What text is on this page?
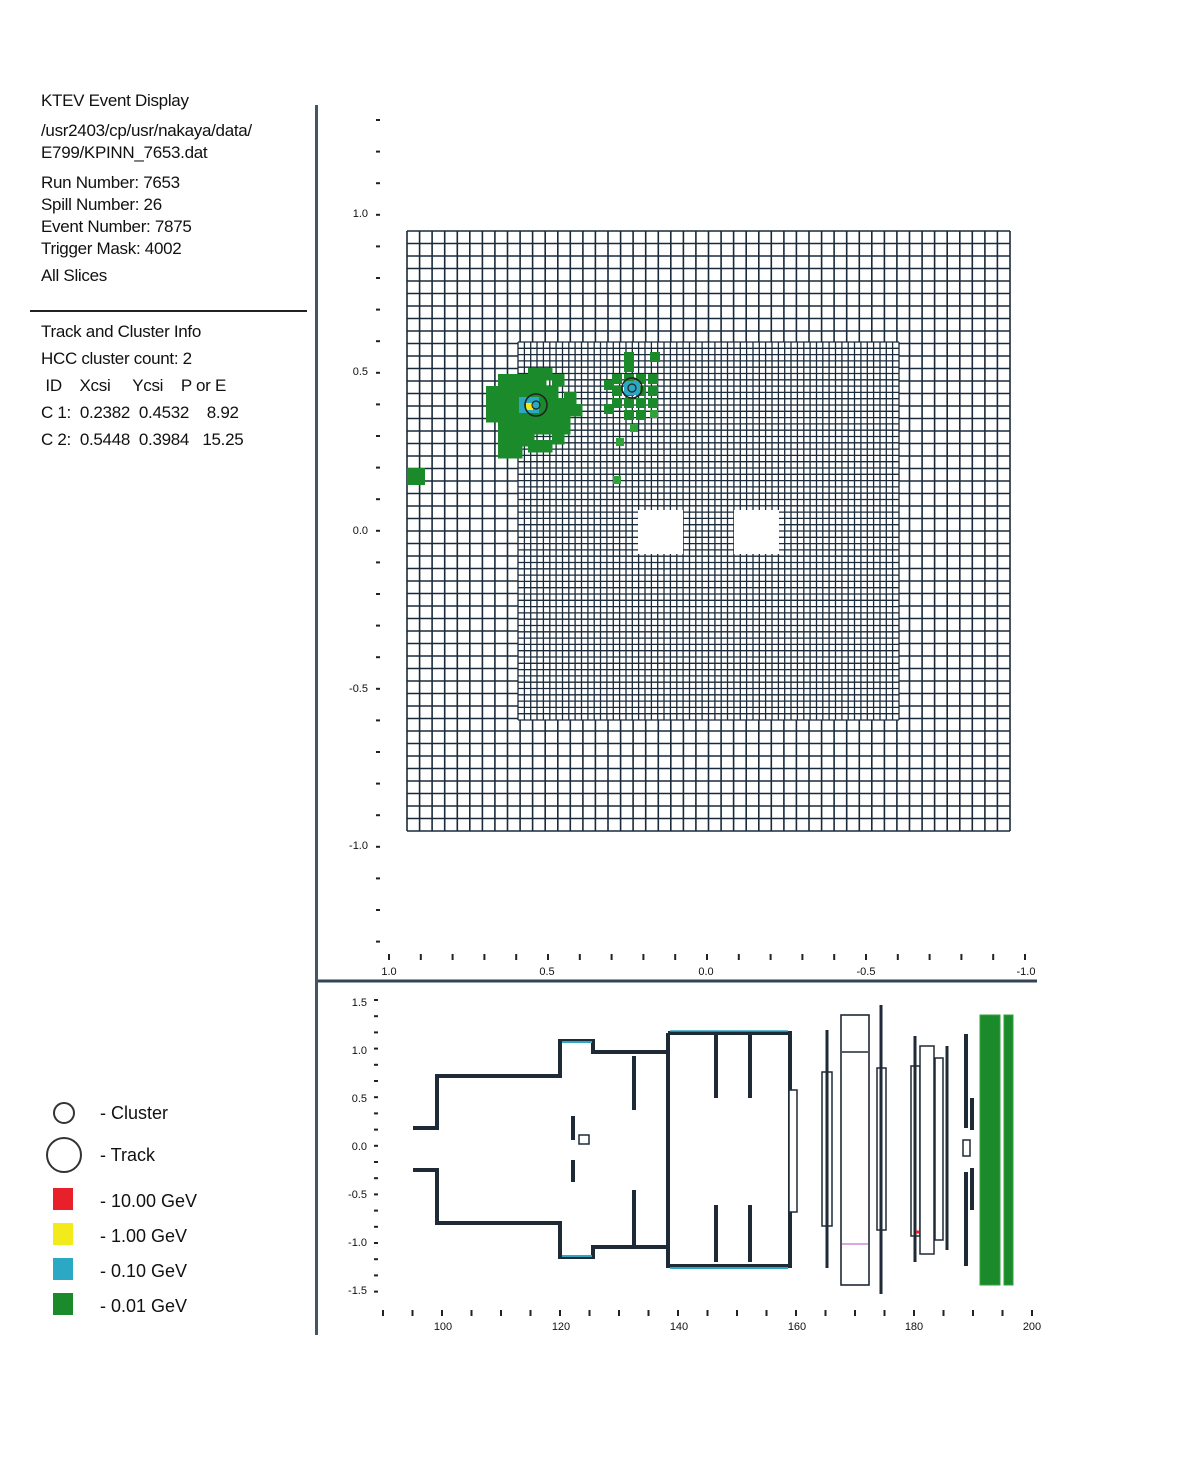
KTEV Event Display
/usr2403/cp/usr/nakaya/data/
E799/KPINN_7653.dat
Run Number: 7653
Spill Number: 26
Event Number: 7875
Trigger Mask: 4002
All Slices
Track and Cluster Info
HCC cluster count: 2
ID    Xcsi     Ycsi    P or E
C 1:  0.2382  0.4532    8.92
C 2:  0.5448  0.3984   15.25
- Cluster
- Track
- 10.00 GeV
- 1.00 GeV
- 0.10 GeV
- 0.01 GeV
1.0
0.5
0.0
-0.5
-1.0
1.0	0.5	0.0	-0.5	-1.0
1.5
1.0
0.5
0.0
-0.5
-1.0
-1.5
100	120	140	160	180	200
